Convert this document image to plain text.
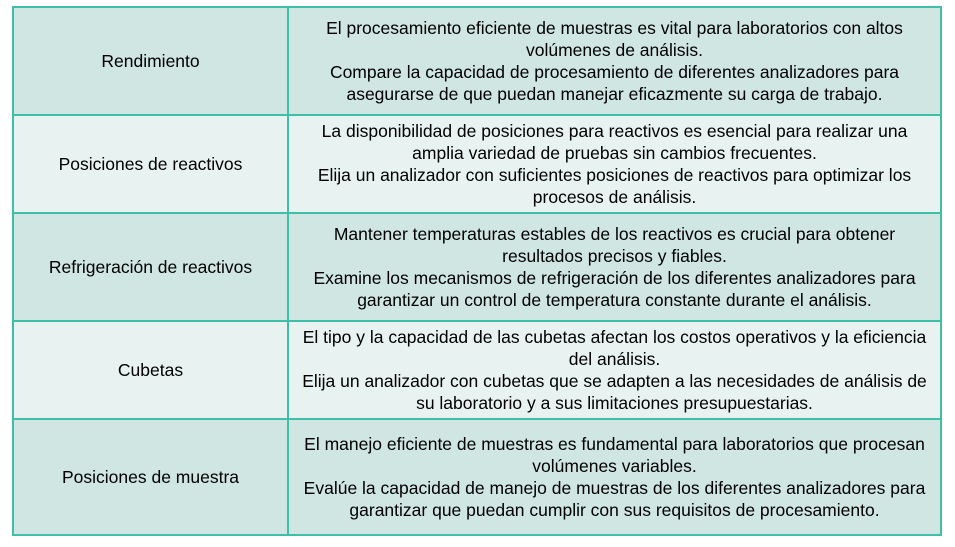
Rendimiento	El procesamiento eficiente de muestras es vital para laboratorios con altos volúmenes de análisis.
Compare la capacidad de procesamiento de diferentes analizadores para asegurarse de que puedan manejar eficazmente su carga de trabajo.

Posiciones de reactivos	La disponibilidad de posiciones para reactivos es esencial para realizar una amplia variedad de pruebas sin cambios frecuentes.
Elija un analizador con suficientes posiciones de reactivos para optimizar los procesos de análisis.

Refrigeración de reactivos	Mantener temperaturas estables de los reactivos es crucial para obtener resultados precisos y fiables.
Examine los mecanismos de refrigeración de los diferentes analizadores para garantizar un control de temperatura constante durante el análisis.

Cubetas	El tipo y la capacidad de las cubetas afectan los costos operativos y la eficiencia del análisis.
Elija un analizador con cubetas que se adapten a las necesidades de análisis de su laboratorio y a sus limitaciones presupuestarias.

Posiciones de muestra	El manejo eficiente de muestras es fundamental para laboratorios que procesan volúmenes variables.
Evalúe la capacidad de manejo de muestras de los diferentes analizadores para garantizar que puedan cumplir con sus requisitos de procesamiento.
